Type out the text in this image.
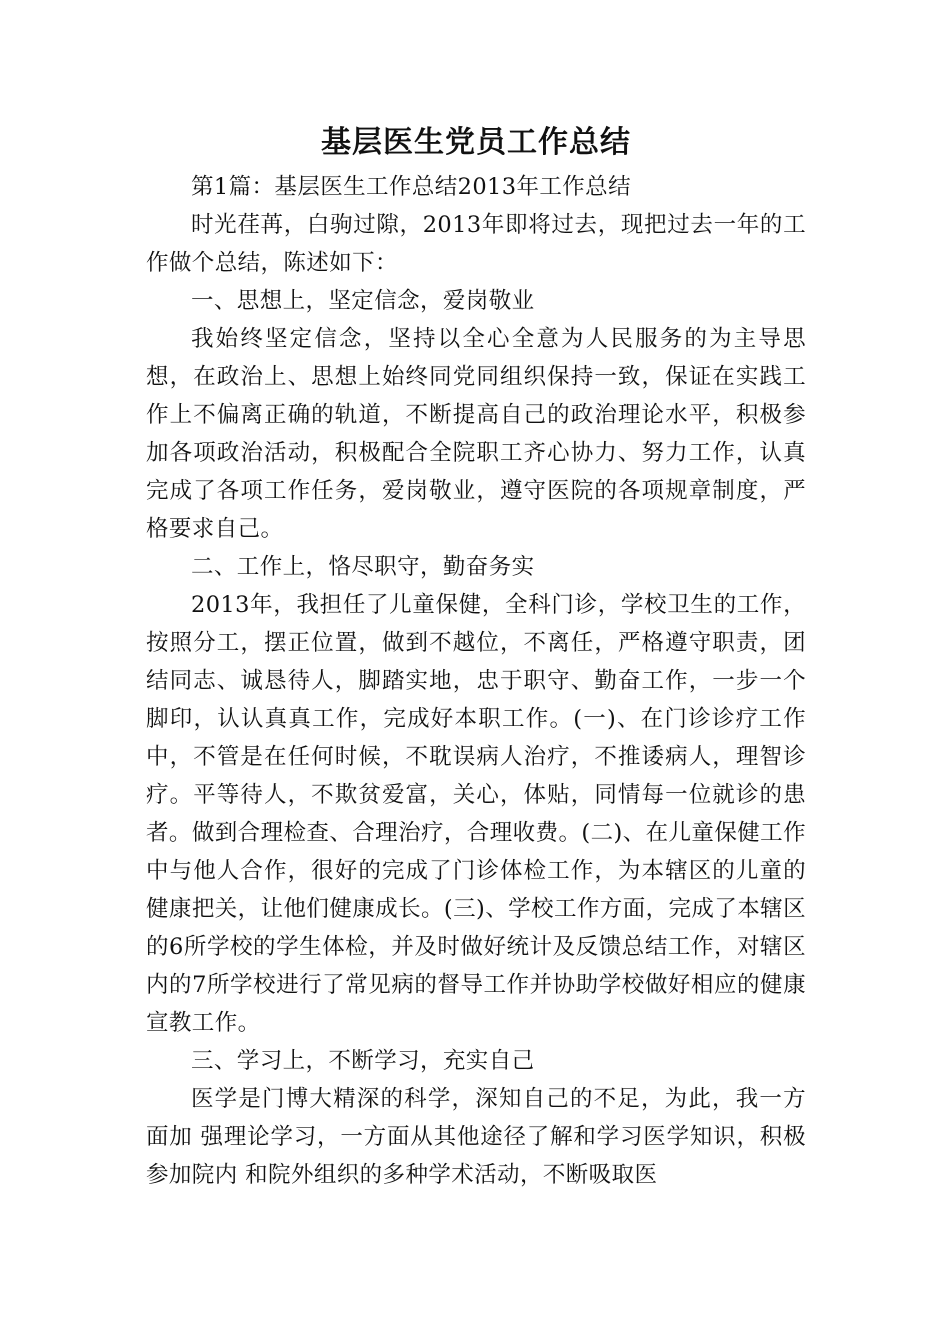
基层医生党员工作总结

第1篇：基层医生工作总结2013年工作总结

时光荏苒，白驹过隙，2013年即将过去，现把过去一年的工作做个总结，陈述如下：

一、思想上，坚定信念，爱岗敬业

我始终坚定信念，坚持以全心全意为人民服务的为主导思想，在政治上、思想上始终同党同组织保持一致，保证在实践工作上不偏离正确的轨道，不断提高自己的政治理论水平，积极参加各项政治活动，积极配合全院职工齐心协力、努力工作，认真完成了各项工作任务，爱岗敬业，遵守医院的各项规章制度，严格要求自己。

二、工作上，恪尽职守，勤奋务实

2013年，我担任了儿童保健，全科门诊，学校卫生的工作，按照分工，摆正位置，做到不越位，不离任，严格遵守职责，团结同志、诚恳待人，脚踏实地，忠于职守、勤奋工作，一步一个脚印，认认真真工作，完成好本职工作。(一)、在门诊诊疗工作中，不管是在任何时候，不耽误病人治疗，不推诿病人，理智诊疗。平等待人，不欺贫爱富，关心，体贴，同情每一位就诊的患者。做到合理检查、合理治疗，合理收费。(二)、在儿童保健工作中与他人合作，很好的完成了门诊体检工作，为本辖区的儿童的健康把关，让他们健康成长。(三)、学校工作方面，完成了本辖区的6所学校的学生体检，并及时做好统计及反馈总结工作，对辖区内的7所学校进行了常见病的督导工作并协助学校做好相应的健康宣教工作。

三、学习上，不断学习，充实自己

医学是门博大精深的科学，深知自己的不足，为此，我一方面加 强理论学习，一方面从其他途径了解和学习医学知识，积极参加院内 和院外组织的多种学术活动，不断吸取医
